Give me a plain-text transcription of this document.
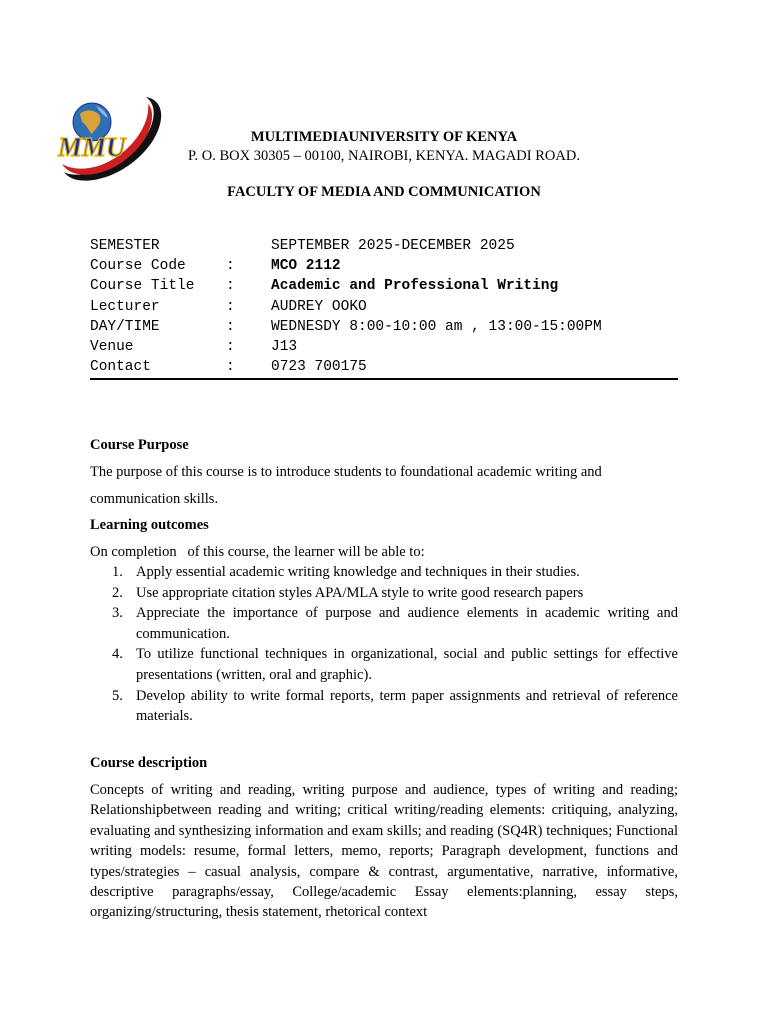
MMU	MULTIMEDIAUNIVERSITY OF KENYA
P. O. BOX 30305 – 00100, NAIROBI, KENYA. MAGADI ROAD.
FACULTY OF MEDIA AND COMMUNICATION
SEMESTER	SEPTEMBER 2025-DECEMBER 2025
Course Code	:	MCO 2112
Course Title :	Academic and Professional Writing
Lecturer	:	AUDREY OOKO
DAY/TIME	:	WEDNESDY 8:00-10:00 am , 13:00-15:00PM
Venue	:	J13
Contact	:	0723 700175
Course Purpose
The purpose of this course is to introduce students to foundational academic writing and communication skills.
Learning outcomes
On completion   of this course, the learner will be able to:
1. Apply essential academic writing knowledge and techniques in their studies.
2. Use appropriate citation styles APA/MLA style to write good research papers
3. Appreciate the importance of purpose and audience elements in academic writing and communication.
4. To utilize functional techniques in organizational, social and public settings for effective presentations (written, oral and graphic).
5. Develop ability to write formal reports, term paper assignments and retrieval of reference materials.
Course description
Concepts of writing and reading, writing purpose and audience, types of writing and reading; Relationshipbetween reading and writing; critical writing/reading elements: critiquing, analyzing, evaluating and synthesizing information and exam skills; and reading (SQ4R) techniques; Functional writing models: resume, formal letters, memo, reports; Paragraph development, functions and types/strategies – casual analysis, compare & contrast, argumentative, narrative, informative, descriptive paragraphs/essay, College/academic Essay elements:planning, essay steps, organizing/structuring, thesis statement, rhetorical context
